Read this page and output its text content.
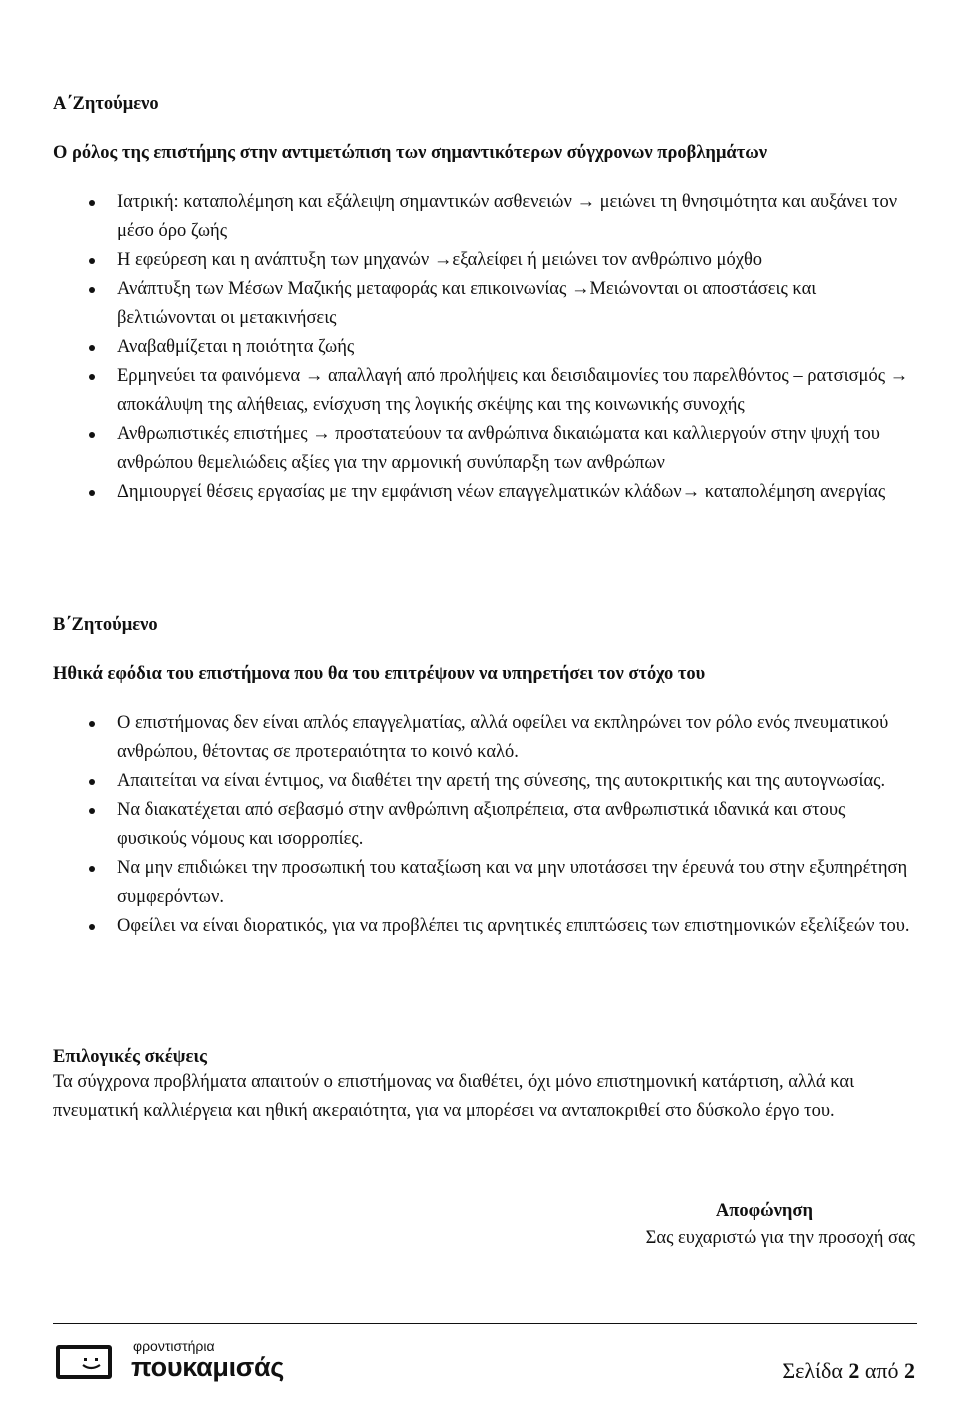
Α΄Ζητούμενο
Ο ρόλος της επιστήμης στην αντιμετώπιση των σημαντικότερων σύγχρονων προβλημάτων
Ιατρική: καταπολέμηση και εξάλειψη σημαντικών ασθενειών → μειώνει τη θνησιμότητα και αυξάνει τον μέσο όρο ζωής
Η εφεύρεση και η ανάπτυξη των μηχανών →εξαλείφει ή μειώνει τον ανθρώπινο μόχθο
Ανάπτυξη των Μέσων Μαζικής μεταφοράς και επικοινωνίας →Μειώνονται οι αποστάσεις και βελτιώνονται οι μετακινήσεις
Αναβαθμίζεται η ποιότητα ζωής
Ερμηνεύει τα φαινόμενα → απαλλαγή από προλήψεις και δεισιδαιμονίες του παρελθόντος – ρατσισμός → αποκάλυψη της αλήθειας, ενίσχυση της λογικής σκέψης και της κοινωνικής συνοχής
Ανθρωπιστικές επιστήμες → προστατεύουν τα ανθρώπινα δικαιώματα και καλλιεργούν στην ψυχή του ανθρώπου θεμελιώδεις αξίες για την αρμονική συνύπαρξη των ανθρώπων
Δημιουργεί θέσεις εργασίας με την εμφάνιση νέων επαγγελματικών κλάδων→ καταπολέμηση ανεργίας
Β΄Ζητούμενο
Ηθικά εφόδια του επιστήμονα που θα του επιτρέψουν να υπηρετήσει τον στόχο του
Ο επιστήμονας δεν είναι απλός επαγγελματίας, αλλά οφείλει να εκπληρώνει τον ρόλο ενός πνευματικού ανθρώπου, θέτοντας σε προτεραιότητα το κοινό καλό.
Απαιτείται να είναι έντιμος, να διαθέτει την αρετή της σύνεσης, της αυτοκριτικής και της αυτογνωσίας.
Να διακατέχεται από σεβασμό στην ανθρώπινη αξιοπρέπεια, στα ανθρωπιστικά ιδανικά και στους φυσικούς νόμους και ισορροπίες.
Να μην επιδιώκει την προσωπική του καταξίωση και να μην υποτάσσει την έρευνά του στην εξυπηρέτηση συμφερόντων.
Οφείλει να είναι διορατικός, για να προβλέπει τις αρνητικές επιπτώσεις των επιστημονικών εξελίξεών του.
Επιλογικές σκέψεις
Τα σύγχρονα προβλήματα απαιτούν ο επιστήμονας να διαθέτει, όχι μόνο επιστημονική κατάρτιση, αλλά και πνευματική καλλιέργεια και ηθική ακεραιότητα, για να μπορέσει να ανταποκριθεί στο δύσκολο έργο του.
Αποφώνηση
Σας ευχαριστώ για την προσοχή σας
φροντιστήρια
πουκαμισάς	Σελίδα 2 από 2
